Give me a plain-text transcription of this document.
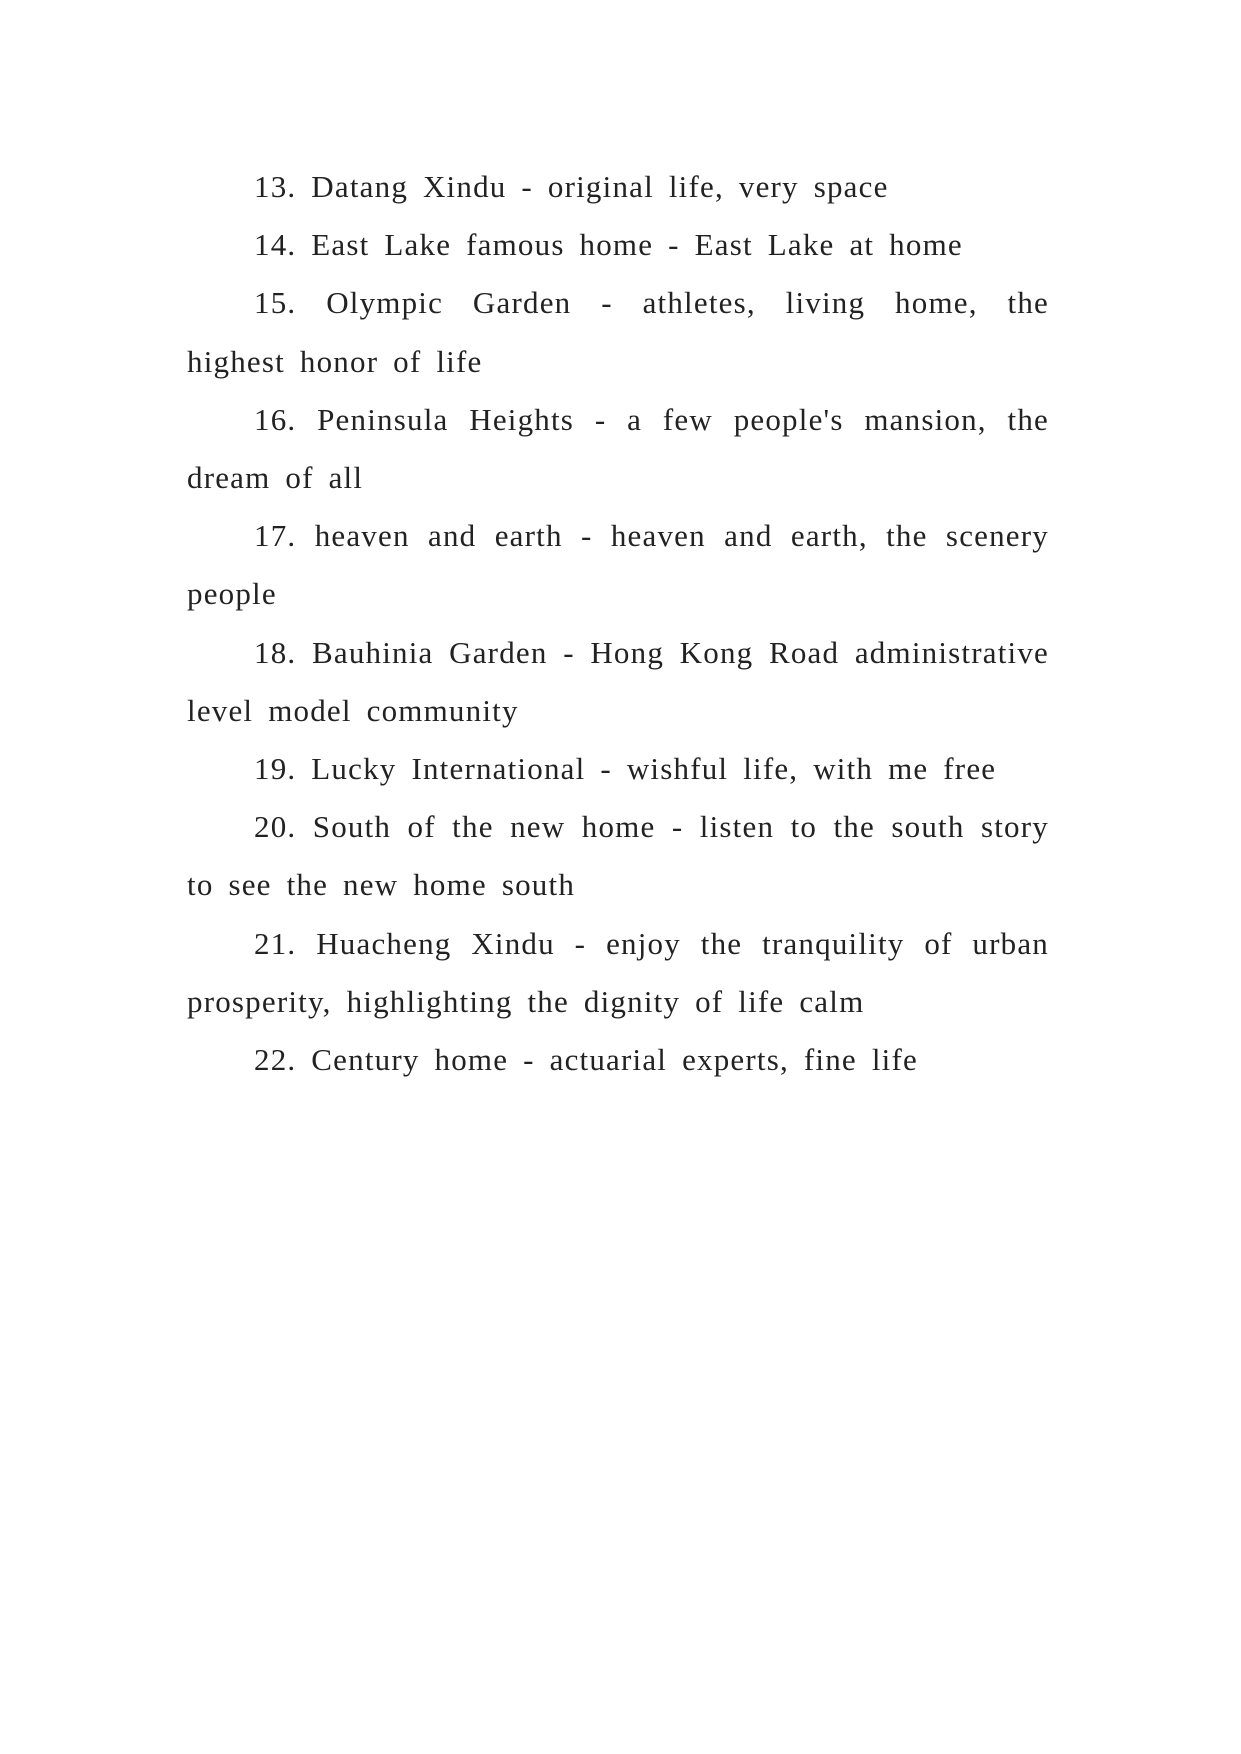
13. Datang Xindu - original life, very space

14. East Lake famous home - East Lake at home

15. Olympic Garden - athletes, living home, the highest honor of life

16. Peninsula Heights - a few people's mansion, the dream of all

17. heaven and earth - heaven and earth, the scenery people

18. Bauhinia Garden - Hong Kong Road administrative level model community

19. Lucky International - wishful life, with me free

20. South of the new home - listen to the south story to see the new home south

21. Huacheng Xindu - enjoy the tranquility of urban prosperity, highlighting the dignity of life calm

22. Century home - actuarial experts, fine life
